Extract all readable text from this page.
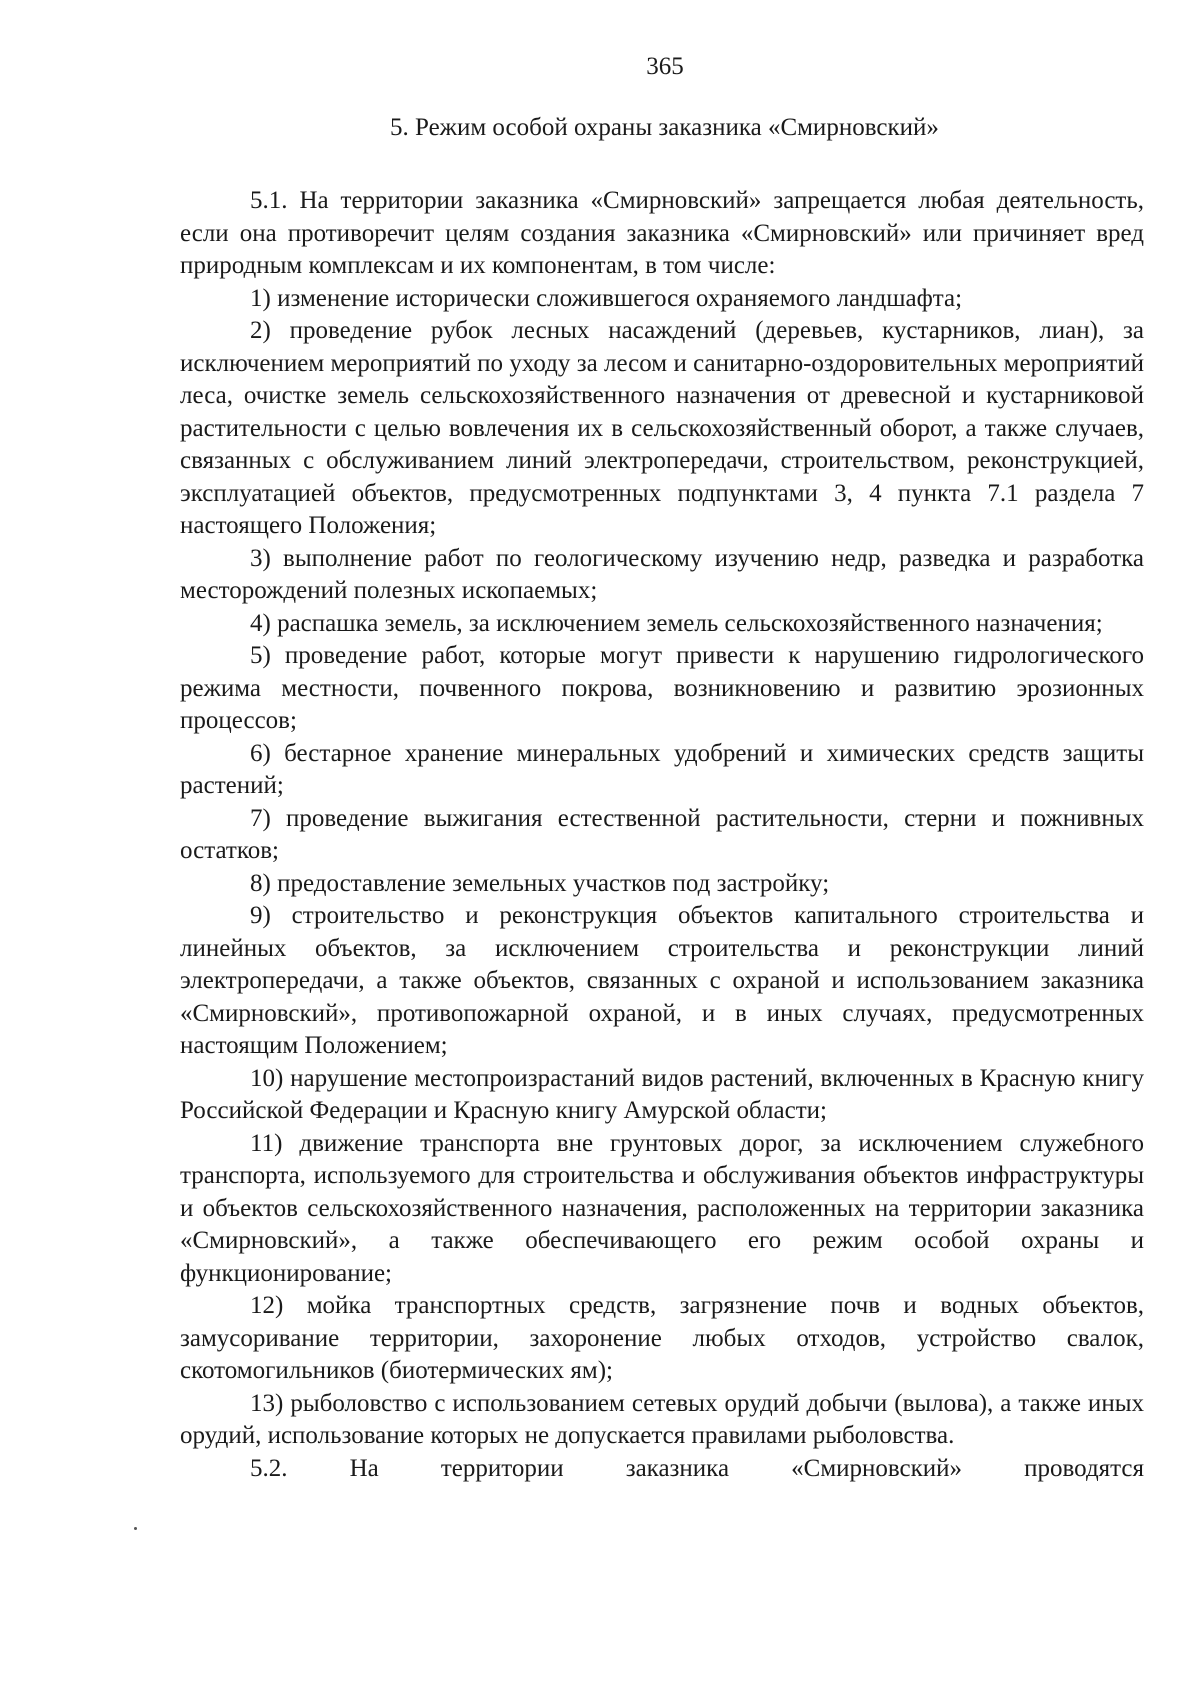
365
5. Режим особой охраны заказника «Смирновский»

5.1. На территории заказника «Смирновский» запрещается любая деятельность, если она противоречит целям создания заказника «Смирновский» или причиняет вред природным комплексам и их компонентам, в том числе:

1) изменение исторически сложившегося охраняемого ландшафта;

2) проведение рубок лесных насаждений (деревьев, кустарников, лиан), за исключением мероприятий по уходу за лесом и санитарно-оздоровительных мероприятий леса, очистке земель сельскохозяйственного назначения от древесной и кустарниковой растительности с целью вовлечения их в сельскохозяйственный оборот, а также случаев, связанных с обслуживанием линий электропередачи, строительством, реконструкцией, эксплуатацией объектов, предусмотренных подпунктами 3, 4 пункта 7.1 раздела 7 настоящего Положения;

3) выполнение работ по геологическому изучению недр, разведка и разработка месторождений полезных ископаемых;

4) распашка земель, за исключением земель сельскохозяйственного назначения;

5) проведение работ, которые могут привести к нарушению гидрологического режима местности, почвенного покрова, возникновению и развитию эрозионных процессов;

6) бестарное хранение минеральных удобрений и химических средств защиты растений;

7) проведение выжигания естественной растительности, стерни и пожнивных остатков;

8) предоставление земельных участков под застройку;

9) строительство и реконструкция объектов капитального строительства и линейных объектов, за исключением строительства и реконструкции линий электропередачи, а также объектов, связанных с охраной и использованием заказника «Смирновский», противопожарной охраной, и в иных случаях, предусмотренных настоящим Положением;

10) нарушение местопроизрастаний видов растений, включенных в Красную книгу Российской Федерации и Красную книгу Амурской области;

11) движение транспорта вне грунтовых дорог, за исключением служебного транспорта, используемого для строительства и обслуживания объектов инфраструктуры и объектов сельскохозяйственного назначения, расположенных на территории заказника «Смирновский», а также обеспечивающего его режим особой охраны и функционирование;

12) мойка транспортных средств, загрязнение почв и водных объектов, замусоривание территории, захоронение любых отходов, устройство свалок, скотомогильников (биотермических ям);

13) рыболовство с использованием сетевых орудий добычи (вылова), а также иных орудий, использование которых не допускается правилами рыболовства.

5.2. На территории заказника «Смирновский» проводятся
